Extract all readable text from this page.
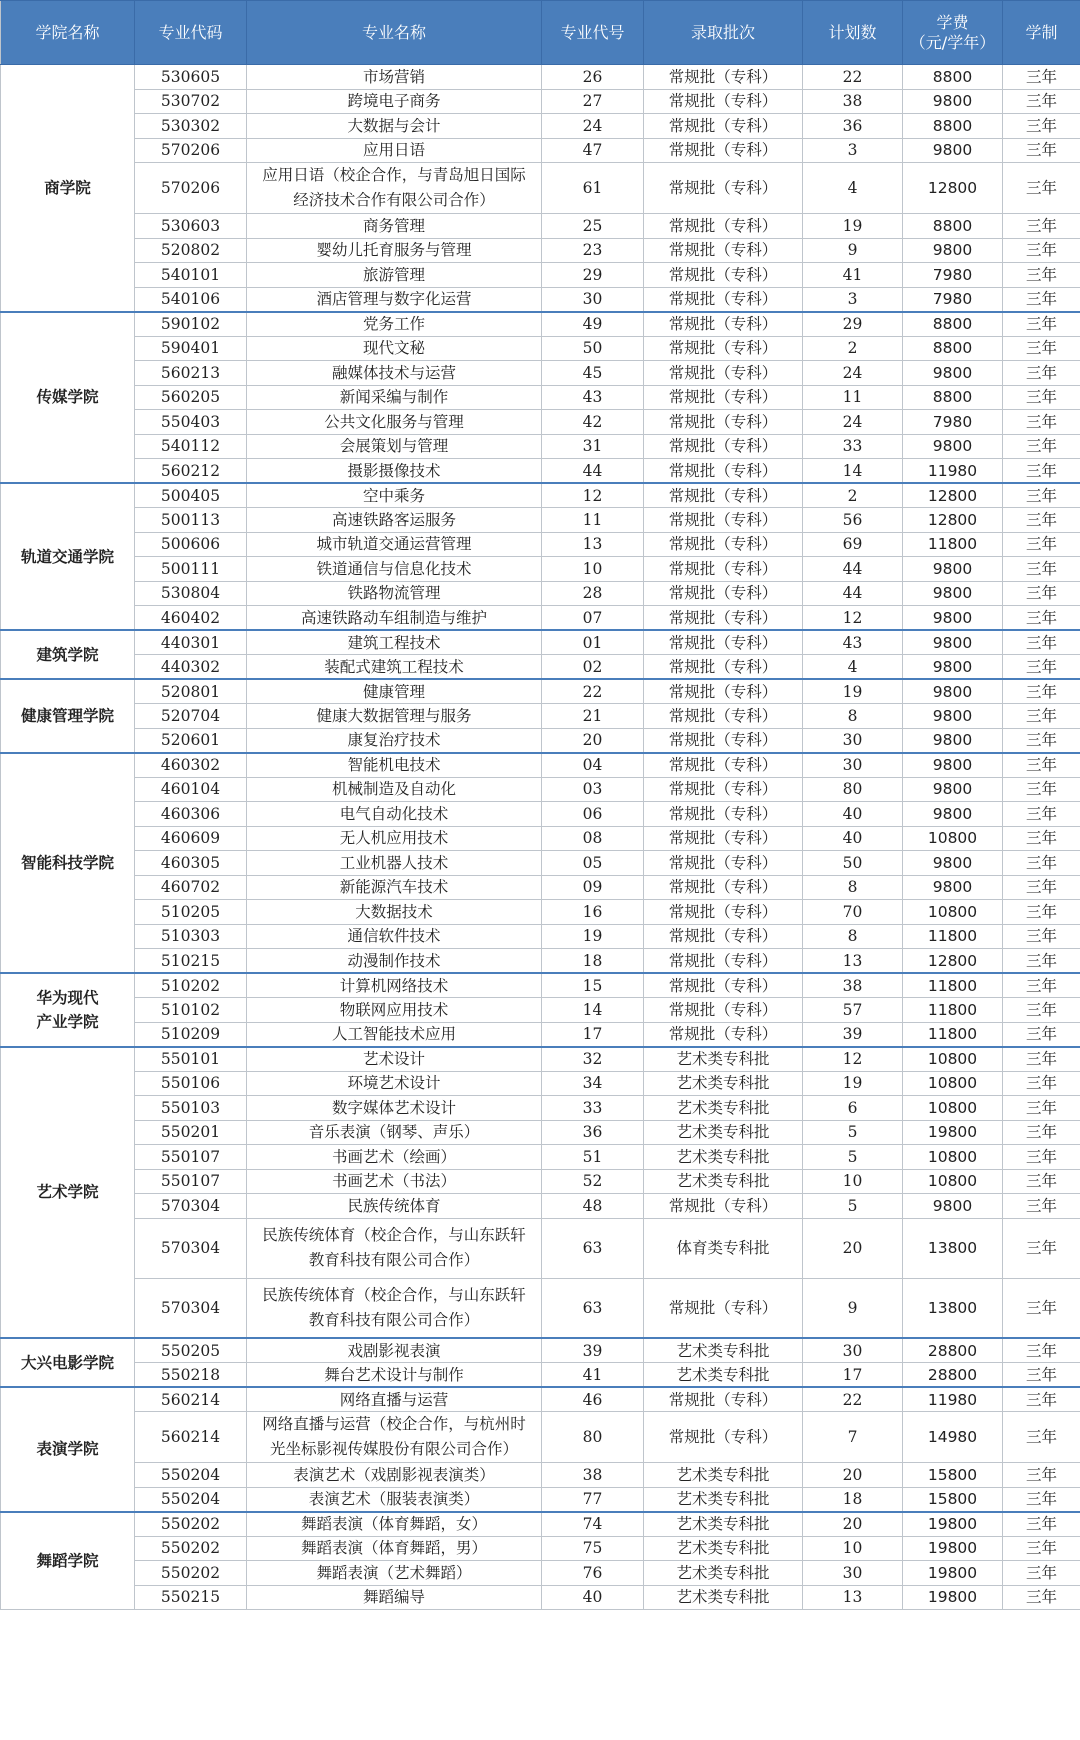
学院名称	专业代码	专业名称	专业代号	录取批次	计划数	学费
（元/学年）	学制
商学院	530605	市场营销	26	常规批（专科）	22	8800	三年
	530702	跨境电子商务	27	常规批（专科）	38	9800	三年
	530302	大数据与会计	24	常规批（专科）	36	8800	三年
	570206	应用日语	47	常规批（专科）	3	9800	三年
	570206	应用日语（校企合作，与青岛旭日国际
经济技术合作有限公司合作）	61	常规批（专科）	4	12800	三年
	530603	商务管理	25	常规批（专科）	19	8800	三年
	520802	婴幼儿托育服务与管理	23	常规批（专科）	9	9800	三年
	540101	旅游管理	29	常规批（专科）	41	7980	三年
	540106	酒店管理与数字化运营	30	常规批（专科）	3	7980	三年
传媒学院	590102	党务工作	49	常规批（专科）	29	8800	三年
	590401	现代文秘	50	常规批（专科）	2	8800	三年
	560213	融媒体技术与运营	45	常规批（专科）	24	9800	三年
	560205	新闻采编与制作	43	常规批（专科）	11	8800	三年
	550403	公共文化服务与管理	42	常规批（专科）	24	7980	三年
	540112	会展策划与管理	31	常规批（专科）	33	9800	三年
	560212	摄影摄像技术	44	常规批（专科）	14	11980	三年
轨道交通学院	500405	空中乘务	12	常规批（专科）	2	12800	三年
	500113	高速铁路客运服务	11	常规批（专科）	56	12800	三年
	500606	城市轨道交通运营管理	13	常规批（专科）	69	11800	三年
	500111	铁道通信与信息化技术	10	常规批（专科）	44	9800	三年
	530804	铁路物流管理	28	常规批（专科）	44	9800	三年
	460402	高速铁路动车组制造与维护	07	常规批（专科）	12	9800	三年
建筑学院	440301	建筑工程技术	01	常规批（专科）	43	9800	三年
	440302	装配式建筑工程技术	02	常规批（专科）	4	9800	三年
健康管理学院	520801	健康管理	22	常规批（专科）	19	9800	三年
	520704	健康大数据管理与服务	21	常规批（专科）	8	9800	三年
	520601	康复治疗技术	20	常规批（专科）	30	9800	三年
智能科技学院	460302	智能机电技术	04	常规批（专科）	30	9800	三年
	460104	机械制造及自动化	03	常规批（专科）	80	9800	三年
	460306	电气自动化技术	06	常规批（专科）	40	9800	三年
	460609	无人机应用技术	08	常规批（专科）	40	10800	三年
	460305	工业机器人技术	05	常规批（专科）	50	9800	三年
	460702	新能源汽车技术	09	常规批（专科）	8	9800	三年
	510205	大数据技术	16	常规批（专科）	70	10800	三年
	510303	通信软件技术	19	常规批（专科）	8	11800	三年
	510215	动漫制作技术	18	常规批（专科）	13	12800	三年
华为现代
产业学院	510202	计算机网络技术	15	常规批（专科）	38	11800	三年
	510102	物联网应用技术	14	常规批（专科）	57	11800	三年
	510209	人工智能技术应用	17	常规批（专科）	39	11800	三年
艺术学院	550101	艺术设计	32	艺术类专科批	12	10800	三年
	550106	环境艺术设计	34	艺术类专科批	19	10800	三年
	550103	数字媒体艺术设计	33	艺术类专科批	6	10800	三年
	550201	音乐表演（钢琴、声乐）	36	艺术类专科批	5	19800	三年
	550107	书画艺术（绘画）	51	艺术类专科批	5	10800	三年
	550107	书画艺术（书法）	52	艺术类专科批	10	10800	三年
	570304	民族传统体育	48	常规批（专科）	5	9800	三年
	570304	民族传统体育（校企合作，与山东跃轩
教育科技有限公司合作）	63	体育类专科批	20	13800	三年
	570304	民族传统体育（校企合作，与山东跃轩
教育科技有限公司合作）	63	常规批（专科）	9	13800	三年
大兴电影学院	550205	戏剧影视表演	39	艺术类专科批	30	28800	三年
	550218	舞台艺术设计与制作	41	艺术类专科批	17	28800	三年
表演学院	560214	网络直播与运营	46	常规批（专科）	22	11980	三年
	560214	网络直播与运营（校企合作，与杭州时
光坐标影视传媒股份有限公司合作）	80	常规批（专科）	7	14980	三年
	550204	表演艺术（戏剧影视表演类）	38	艺术类专科批	20	15800	三年
	550204	表演艺术（服装表演类）	77	艺术类专科批	18	15800	三年
舞蹈学院	550202	舞蹈表演（体育舞蹈，女）	74	艺术类专科批	20	19800	三年
	550202	舞蹈表演（体育舞蹈，男）	75	艺术类专科批	10	19800	三年
	550202	舞蹈表演（艺术舞蹈）	76	艺术类专科批	30	19800	三年
	550215	舞蹈编导	40	艺术类专科批	13	19800	三年
